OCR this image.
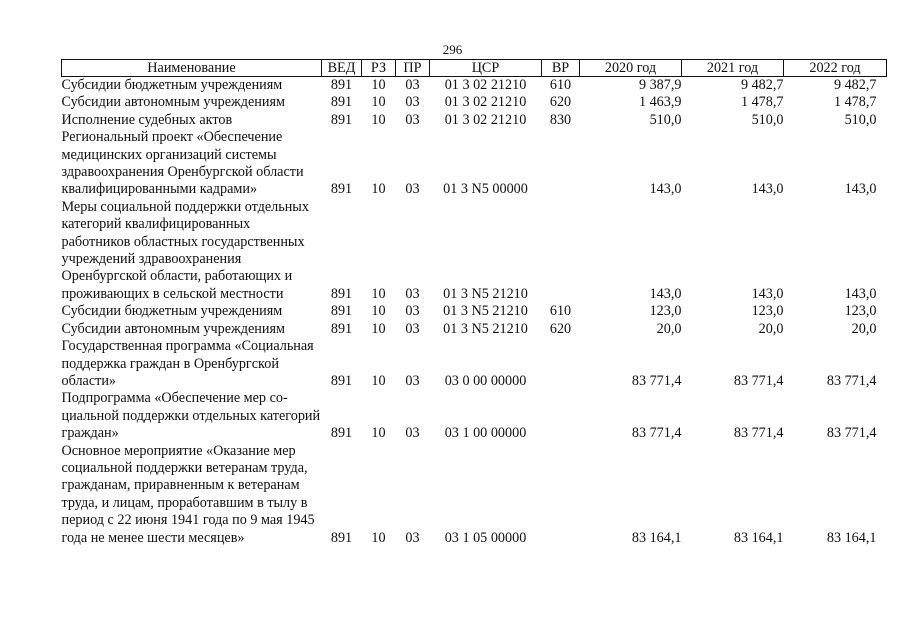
296
Наименование	ВЕД	РЗ	ПР	ЦСР	ВР	2020 год	2021 год	2022 год
Субсидии бюджетным учреждениям	891	10	03	01 3 02 21210	610	9 387,9	9 482,7	9 482,7
Субсидии автономным учреждениям	891	10	03	01 3 02 21210	620	1 463,9	1 478,7	1 478,7
Исполнение судебных актов	891	10	03	01 3 02 21210	830	510,0	510,0	510,0
Региональный проект «Обеспечение медицинских организаций системы здравоохранения Оренбургской области квалифицированными кадрами»	891	10	03	01 3 N5 00000		143,0	143,0	143,0
Меры социальной поддержки отдельных категорий квалифицированных работников областных государственных учреждений здравоохранения Оренбургской области, работающих и проживающих в сельской местности	891	10	03	01 3 N5 21210		143,0	143,0	143,0
Субсидии бюджетным учреждениям	891	10	03	01 3 N5 21210	610	123,0	123,0	123,0
Субсидии автономным учреждениям	891	10	03	01 3 N5 21210	620	20,0	20,0	20,0
Государственная программа «Социальная поддержка граждан в Оренбургской области»	891	10	03	03 0 00 00000		83 771,4	83 771,4	83 771,4
Подпрограмма «Обеспечение мер социальной поддержки отдельных категорий граждан»	891	10	03	03 1 00 00000		83 771,4	83 771,4	83 771,4
Основное мероприятие «Оказание мер социальной поддержки ветеранам труда, гражданам, приравненным к ветеранам труда, и лицам, проработавшим в тылу в период с 22 июня 1941 года по 9 мая 1945 года не менее шести месяцев»	891	10	03	03 1 05 00000		83 164,1	83 164,1	83 164,1
